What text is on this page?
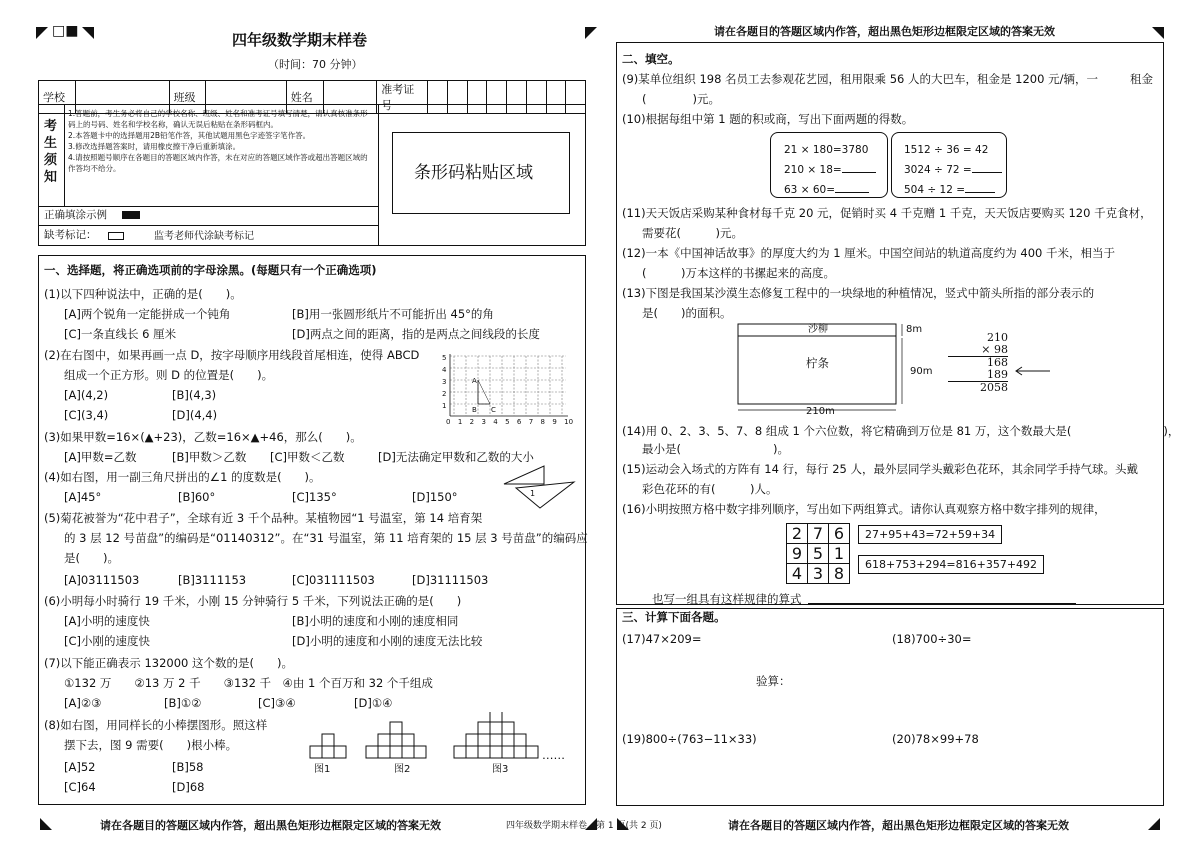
□■	四年级数学期末样卷
（时间：70 分钟）
学校		班级		姓名		准考证号								
考生须知
1.答题前，考生务必将自己的学校名称、班级、姓名和准考证号填写清楚，请认真核准条形码上的号码、姓名和学校名称，确认无误后粘贴在条形码框内。
2.本答题卡中的选择题用2B铅笔作答，其他试题用黑色字迹签字笔作答。
3.修改选择题答案时，请用橡皮擦干净后重新填涂。
4.请按照题号顺序在各题目的答题区域内作答，未在对应的答题区域作答或超出答题区域的作答均不给分。	条形码粘贴区域
正确填涂示例
缺考标记：	监考老师代涂缺考标记
一、选择题，将正确选项前的字母涂黑。(每题只有一个正确选项)
(1)以下四种说法中，正确的是(　　)。
[A]两个锐角一定能拼成一个钝角	[B]用一张圆形纸片不可能折出 45°的角
[C]一条直线长 6 厘米	[D]两点之间的距离，指的是两点之间线段的长度
(2)在右图中，如果再画一点 D，按字母顺序用线段首尾相连，使得 ABCD
组成一个正方形。则 D 的位置是(　　)。
[A](4,2)	[B](4,3)
[C](3,4)	[D](4,4)
5
4
3
2
1
0	1	2	3	4	5	6	7	8	9	10
A
B C
(3)如果甲数=16×(▲+23)，乙数=16×▲+46，那么(　　)。
[A]甲数=乙数	[B]甲数＞乙数 [C]甲数＜乙数	[D]无法确定甲数和乙数的大小
(4)如右图，用一副三角尺拼出的∠1 的度数是(　　)。
[A]45°	[B]60°	[C]135°	[D]150°	1
(5)菊花被誉为“花中君子”，全球有近 3 千个品种。某植物园“1 号温室，第 14 培育架
的 3 层 12 号苗盘”的编码是“01140312”。在“31 号温室，第 11 培育架的 15 层 3 号苗盘”的编码应
是(　　)。
[A]03111503	[B]3111153	[C]031111503	[D]31111503
(6)小明每小时骑行 19 千米，小刚 15 分钟骑行 5 千米，下列说法正确的是(　　)
[A]小明的速度快	[B]小明的速度和小刚的速度相同
[C]小刚的速度快	[D]小明的速度和小刚的速度无法比较
(7)以下能正确表示 132000 这个数的是(　　)。
①132 万　　②13 万 2 千　　③132 千　④由 1 个百万和 32 个千组成
[A]②③	[B]①②	[C]③④	[D]①④
(8)如右图，用同样长的小棒摆图形。照这样
摆下去，图 9 需要(　　)根小棒。
[A]52	[B]58
[C]64	[D]68
图1	图2	图3
……
请在各题目的答题区域内作答，超出黑色矩形边框限定区域的答案无效	四年级数学期末样卷　第 1 页(共 2 页)
请在各题目的答题区域内作答，超出黑色矩形边框限定区域的答案无效
二、填空。
(9)某单位组织 198 名员工去参观花艺园，租用限乘 56 人的大巴车，租金是 1200 元/辆，一	租金
(　　　　)元。
(10)根据每组中第 1 题的积或商，写出下面两题的得数。
21 × 180=3780
210 × 18=
63 × 60=
1512 ÷ 36 = 42
3024 ÷ 72 =
504 ÷ 12 =
(11)天天饭店采购某种食材每千克 20 元，促销时买 4 千克赠 1 千克，天天饭店要购买 120 千克食材，
需要花(　　　)元。
(12)一本《中国神话故事》的厚度大约为 1 厘米。中国空间站的轨道高度约为 400 千米，相当于
(　　　)万本这样的书摞起来的高度。
(13)下图是我国某沙漠生态修复工程中的一块绿地的种植情况，竖式中箭头所指的部分表示的
是(　　)的面积。
沙柳
柠条
8m
90m
210m
210
× 98
168
189
2058
(14)用 0、2、3、5、7、8 组成 1 个六位数，将它精确到万位是 81 万，这个数最大是(　　　　　　　　)，
最小是(　　　　　　　　)。
(15)运动会入场式的方阵有 14 行，每行 25 人，最外层同学头戴彩色花环，其余同学手持气球。头戴
彩色花环的有(　　　)人。
(16)小明按照方格中数字排列顺序，写出如下两组算式。请你认真观察方格中数字排列的规律，
2	7	6
9	5	1
4	3	8
27+95+43=72+59+34
618+753+294=816+357+492
也写一组具有这样规律的算式
三、计算下面各题。
(17)47×209=	(18)700÷30=
验算：
(19)800÷(763−11×33)	(20)78×99+78
请在各题目的答题区域内作答，超出黑色矩形边框限定区域的答案无效
